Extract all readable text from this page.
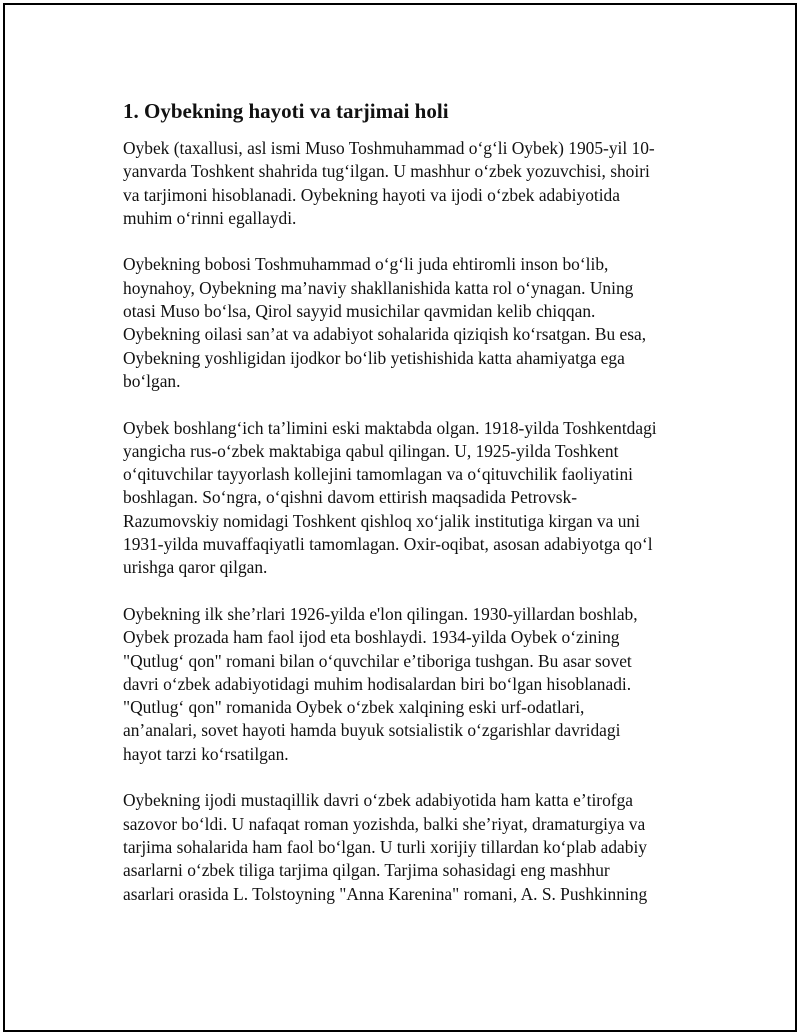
1. Oybekning hayoti va tarjimai holi

Oybek (taxallusi, asl ismi Muso Toshmuhammad oʻgʻli Oybek) 1905-yil 10-
yanvarda Toshkent shahrida tugʻilgan. U mashhur oʻzbek yozuvchisi, shoiri
va tarjimoni hisoblanadi. Oybekning hayoti va ijodi oʻzbek adabiyotida
muhim oʻrinni egallaydi.

Oybekning bobosi Toshmuhammad oʻgʻli juda ehtiromli inson boʻlib,
hoynahoy, Oybekning maʼnaviy shakllanishida katta rol oʻynagan. Uning
otasi Muso boʻlsa, Qirol sayyid musichilar qavmidan kelib chiqqan.
Oybekning oilasi sanʼat va adabiyot sohalarida qiziqish koʻrsatgan. Bu esa,
Oybekning yoshligidan ijodkor boʻlib yetishishida katta ahamiyatga ega
boʻlgan.

Oybek boshlangʻich taʼlimini eski maktabda olgan. 1918-yilda Toshkentdagi
yangicha rus-oʻzbek maktabiga qabul qilingan. U, 1925-yilda Toshkent
oʻqituvchilar tayyorlash kollejini tamomlagan va oʻqituvchilik faoliyatini
boshlagan. Soʻngra, oʻqishni davom ettirish maqsadida Petrovsk-
Razumovskiy nomidagi Toshkent qishloq xoʻjalik institutiga kirgan va uni
1931-yilda muvaffaqiyatli tamomlagan. Oxir-oqibat, asosan adabiyotga qoʻl
urishga qaror qilgan.

Oybekning ilk sheʼrlari 1926-yilda e'lon qilingan. 1930-yillardan boshlab,
Oybek prozada ham faol ijod eta boshlaydi. 1934-yilda Oybek oʻzining
"Qutlugʻ qon" romani bilan oʻquvchilar eʼtiboriga tushgan. Bu asar sovet
davri oʻzbek adabiyotidagi muhim hodisalardan biri boʻlgan hisoblanadi.
"Qutlugʻ qon" romanida Oybek oʻzbek xalqining eski urf-odatlari,
anʼanalari, sovet hayoti hamda buyuk sotsialistik oʻzgarishlar davridagi
hayot tarzi koʻrsatilgan.

Oybekning ijodi mustaqillik davri oʻzbek adabiyotida ham katta eʼtirofga
sazovor boʻldi. U nafaqat roman yozishda, balki sheʼriyat, dramaturgiya va
tarjima sohalarida ham faol boʻlgan. U turli xorijiy tillardan koʻplab adabiy
asarlarni oʻzbek tiliga tarjima qilgan. Tarjima sohasidagi eng mashhur
asarlari orasida L. Tolstoyning "Anna Karenina" romani, A. S. Pushkinning
